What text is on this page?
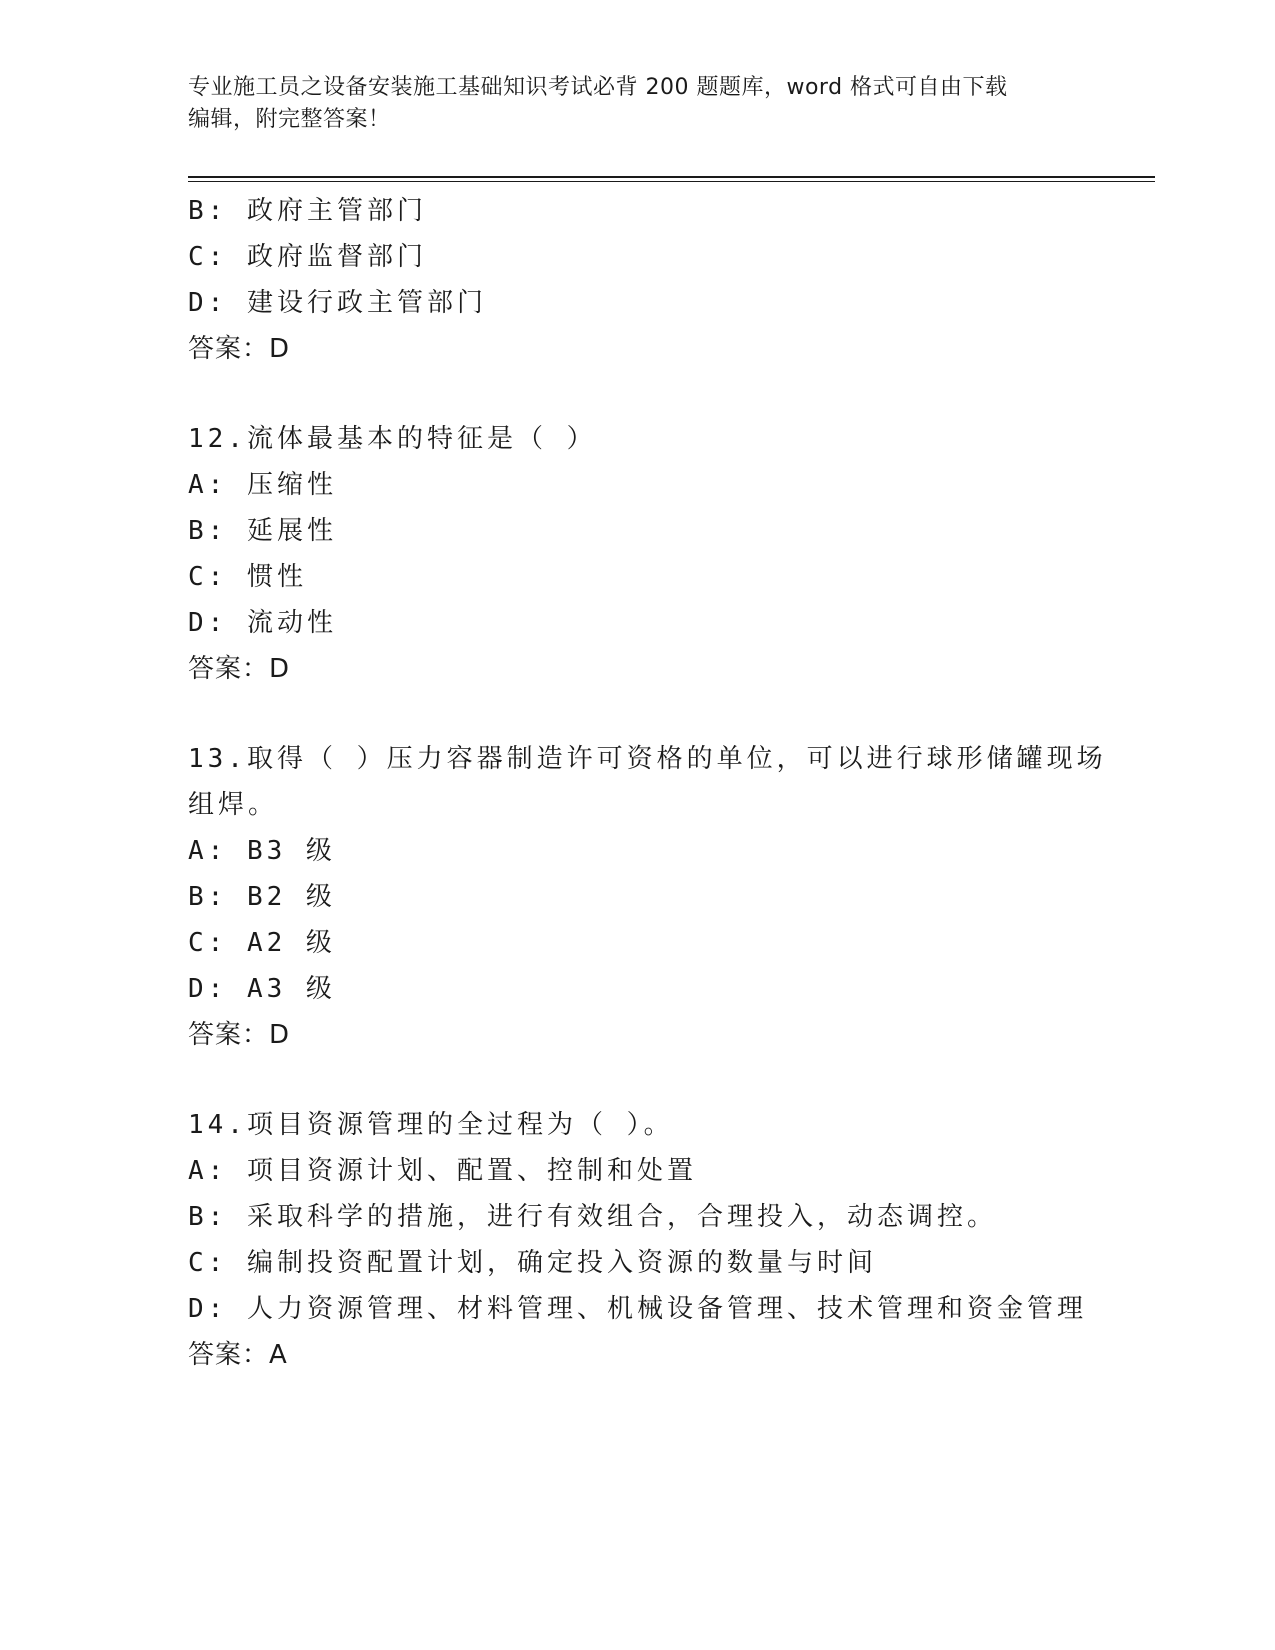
专业施工员之设备安装施工基础知识考试必背 200 题题库，word 格式可自由下载
编辑，附完整答案！
B: 政府主管部门
C: 政府监督部门
D: 建设行政主管部门
答案：D
12.流体最基本的特征是（ ）
A: 压缩性
B: 延展性
C: 惯性
D: 流动性
答案：D
13.取得（ ）压力容器制造许可资格的单位，可以进行球形储罐现场
组焊。
A: B3 级
B: B2 级
C: A2 级
D: A3 级
答案：D
14.项目资源管理的全过程为（ ）。
A: 项目资源计划、配置、控制和处置
B: 采取科学的措施，进行有效组合，合理投入，动态调控。
C: 编制投资配置计划，确定投入资源的数量与时间
D: 人力资源管理、材料管理、机械设备管理、技术管理和资金管理
答案：A
